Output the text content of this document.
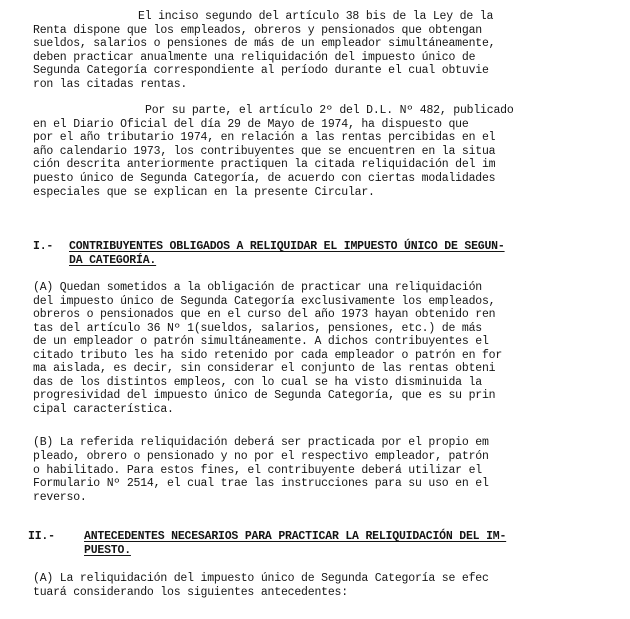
El inciso segundo del artículo 38 bis de la Ley de la
Renta dispone que los empleados, obreros y pensionados que obtengan
sueldos, salarios o pensiones de más de un empleador simultáneamente,
deben practicar anualmente una reliquidación del impuesto único de
Segunda Categoría correspondiente al período durante el cual obtuvie
ron las citadas rentas.
Por su parte, el artículo 2º del D.L. Nº 482, publicado
en el Diario Oficial del día 29 de Mayo de 1974, ha dispuesto que
por el año tributario 1974, en relación a las rentas percibidas en el
año calendario 1973, los contribuyentes que se encuentren en la situa
ción descrita anteriormente practiquen la citada reliquidación del im
puesto único de Segunda Categoría, de acuerdo con ciertas modalidades
especiales que se explican en la presente Circular.
I.- CONTRIBUYENTES OBLIGADOS A RELIQUIDAR EL IMPUESTO ÚNICO DE SEGUN-
DA CATEGORÍA.
(A) Quedan sometidos a la obligación de practicar una reliquidación
del impuesto único de Segunda Categoría exclusivamente los empleados,
obreros o pensionados que en el curso del año 1973 hayan obtenido ren
tas del artículo 36 Nº 1(sueldos, salarios, pensiones, etc.) de más
de un empleador o patrón simultáneamente. A dichos contribuyentes el
citado tributo les ha sido retenido por cada empleador o patrón en for
ma aislada, es decir, sin considerar el conjunto de las rentas obteni
das de los distintos empleos, con lo cual se ha visto disminuida la
progresividad del impuesto único de Segunda Categoría, que es su prin
cipal característica.
(B) La referida reliquidación deberá ser practicada por el propio em
pleado, obrero o pensionado y no por el respectivo empleador, patrón
o habilitado. Para estos fines, el contribuyente deberá utilizar el
Formulario Nº 2514, el cual trae las instrucciones para su uso en el
reverso.
II.-	ANTECEDENTES NECESARIOS PARA PRACTICAR LA RELIQUIDACIÓN DEL IM-
PUESTO.
(A) La reliquidación del impuesto único de Segunda Categoría se efec
tuará considerando los siguientes antecedentes:
